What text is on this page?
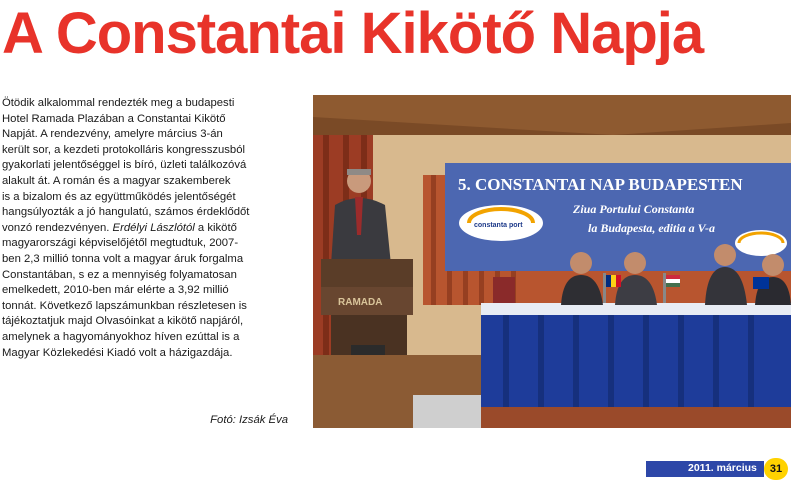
A Constantai Kikötő Napja
Ötödik alkalommal rendezték meg a budapesti
Hotel Ramada Plazában a Constantai Kikötő
Napját. A rendezvény, amelyre március 3-án
került sor, a kezdeti protokolláris kongresszusból
gyakorlati jelentőséggel is bíró, üzleti találkozóvá
alakult át. A román és a magyar szakemberek
is a bizalom és az együttműködés jelentőségét
hangsúlyozták a jó hangulatú, számos érdeklődőt
vonzó rendezvényen. Erdélyi Lászlótól a kikötő
magyarországi képviselőjétől megtudtuk, 2007-
ben 2,3 millió tonna volt a magyar áruk forgalma
Constantában, s ez a mennyiség folyamatosan
emelkedett, 2010-ben már elérte a 3,92 millió
tonnát. Következő lapszámunkban részletesen is
tájékoztatjuk majd Olvasóinkat a kikötő napjáról,
amelynek a hagyományokhoz híven ezúttal is a
Magyar Közlekedési Kiadó volt a házigazdája.
Fotó: Izsák Éva
5. CONSTANTAI NAP BUDAPESTEN
Ziua Portului Constanta
la Budapesta, editia a V-a
constanta port
RAMADA
2011. március	31
